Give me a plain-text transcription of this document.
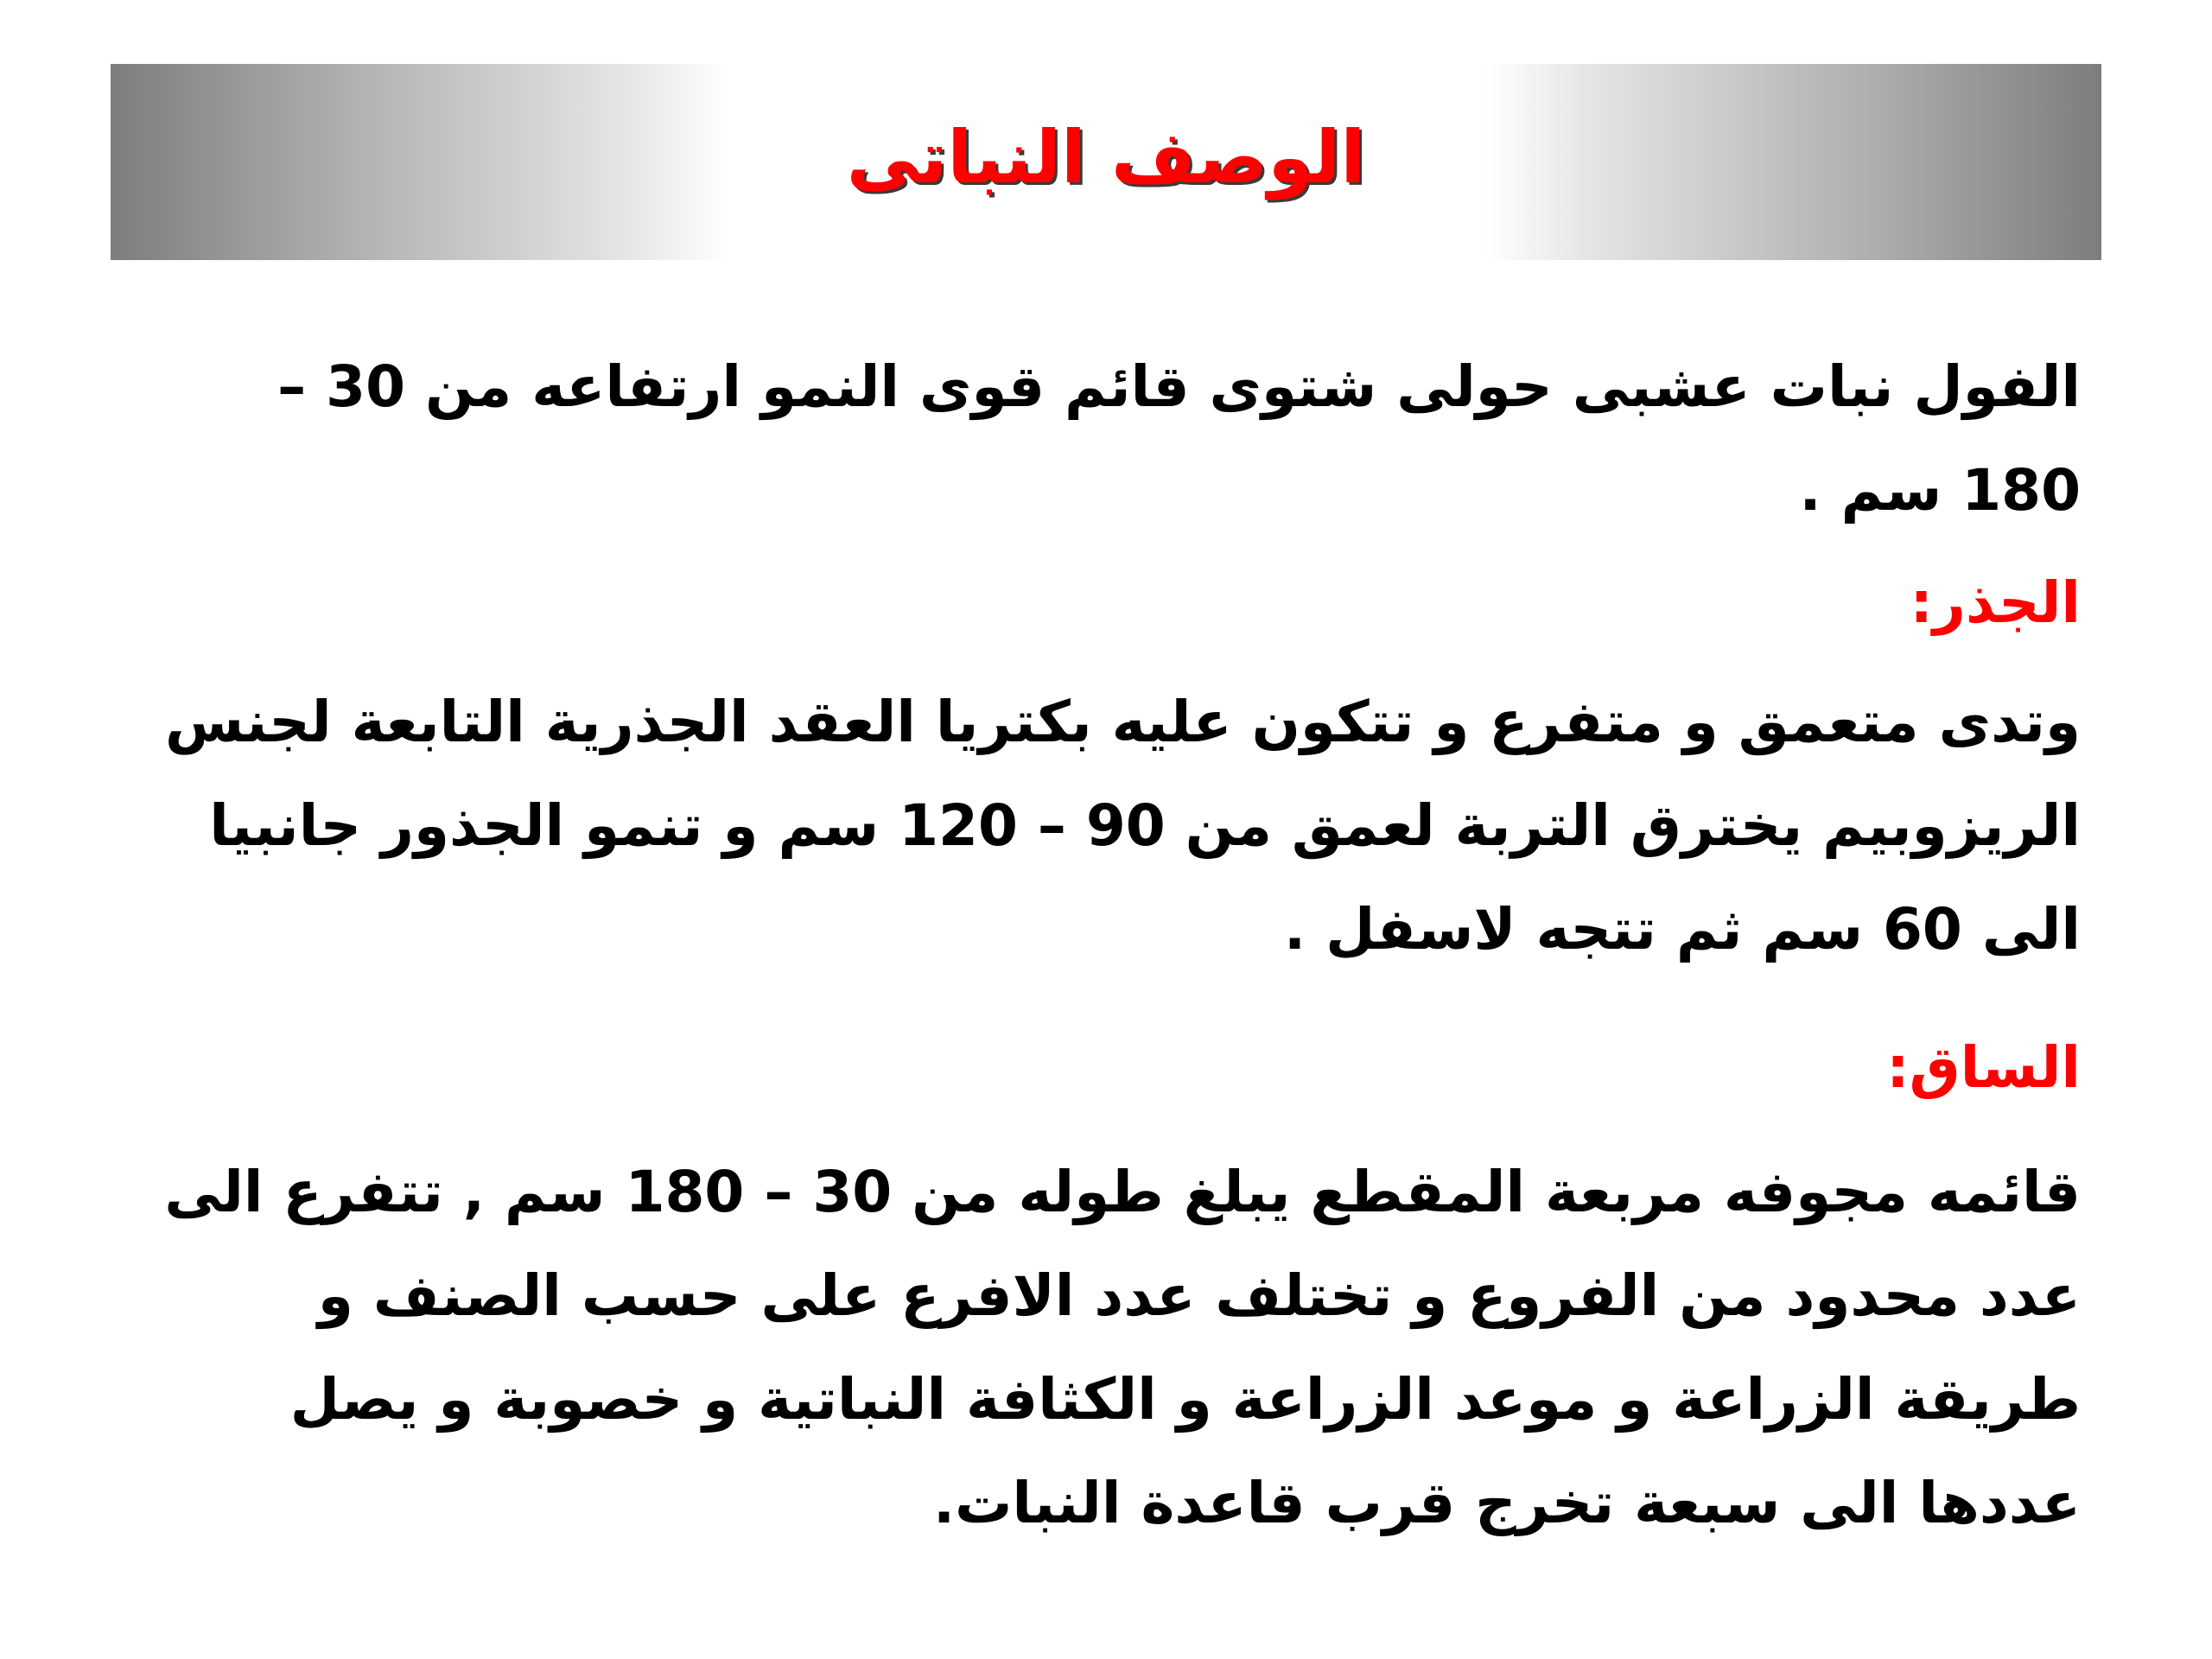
الوصف النباتى

الفول نبات عشبى حولى شتوى قائم قوى النمو ارتفاعه من 30 – 180 سم .

الجذر:

وتدى متعمق و متفرع و تتكون عليه بكتريا العقد الجذرية التابعة لجنس الريزوبيم يخترق التربة لعمق من 90 – 120 سم و تنمو الجذور جانبيا الى 60 سم ثم تتجه لاسفل .

الساق:

قائمه مجوفه مربعة المقطع يبلغ طوله من 30 – 180 سم , تتفرع الى عدد محدود من الفروع و تختلف عدد الافرع على حسب الصنف و طريقة الزراعة و موعد الزراعة و الكثافة النباتية و خصوبة و يصل عددها الى سبعة تخرج قرب قاعدة النبات.
